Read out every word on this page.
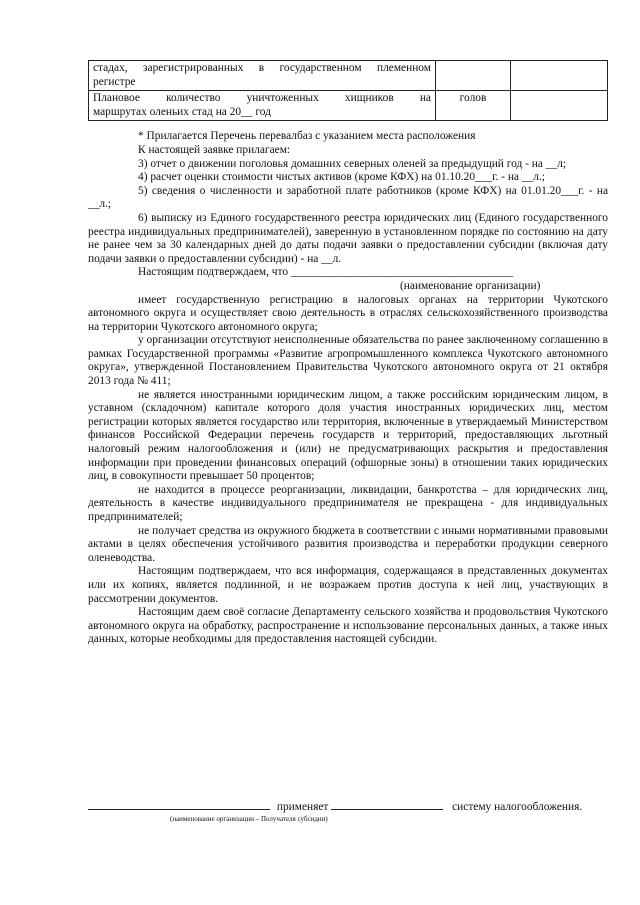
стадах, зарегистрированных в государственном племенном
регистре		

Плановое количество уничтоженных хищников на
маршрутах оленьих стад на 20__ год	голов	

* Прилагается Перечень перевалбаз с указанием места расположения

К настоящей заявке прилагаем:

3) отчет о движении поголовья домашних северных оленей за предыдущий год - на __л;

4) расчет оценки стоимости чистых активов (кроме КФХ) на 01.10.20___г. - на __л.;

5) сведения о численности и заработной плате работников (кроме КФХ) на 01.01.20___г. - на __л.;

6) выписку из Единого государственного реестра юридических лиц (Единого государственного реестра индивидуальных предпринимателей), заверенную в установленном порядке по состоянию на дату не ранее чем за 30 календарных дней до даты подачи заявки о предоставлении субсидии (включая дату подачи заявки о предоставлении субсидии) - на __л.

Настоящим подтверждаем, что _______________________________________

(наименование организации)

имеет государственную регистрацию в налоговых органах на территории Чукотского автономного округа и осуществляет свою деятельность в отраслях сельскохозяйственного производства на территории Чукотского автономного округа;

у организации отсутствуют неисполненные обязательства по ранее заключенному соглашению в рамках Государственной программы «Развитие агропромышленного комплекса Чукотского автономного округа», утвержденной Постановлением Правительства Чукотского автономного округа от 21 октября 2013 года № 411;

не является иностранными юридическим лицом, а также российским юридическим лицом, в уставном (складочном) капитале которого доля участия иностранных юридических лиц, местом регистрации которых является государство или территория, включенные в утверждаемый Министерством финансов Российской Федерации перечень государств и территорий, предоставляющих льготный налоговый режим налогообложения и (или) не предусматривающих раскрытия и предоставления информации при проведении финансовых операций (офшорные зоны) в отношении таких юридических лиц, в совокупности превышает 50 процентов;

не находится в процессе реорганизации, ликвидации, банкротства – для юридических лиц, деятельность в качестве индивидуального предпринимателя не прекращена - для индивидуальных предпринимателей;

не получает средства из окружного бюджета в соответствии с иными нормативными правовыми актами в целях обеспечения устойчивого развития производства и переработки продукции северного оленеводства.

Настоящим подтверждаем, что вся информация, содержащаяся в представленных документах или их копиях, является подлинной, и не возражаем против доступа к ней лиц, участвующих в рассмотрении документов.

Настоящим даем своё согласие Департаменту сельского хозяйства и продовольствия Чукотского автономного округа на обработку, распространение и использование персональных данных, а также иных данных, которые необходимы для предоставления настоящей субсидии.

применяет	систему налогообложения.
(наименование организации – Получателя субсидии)
